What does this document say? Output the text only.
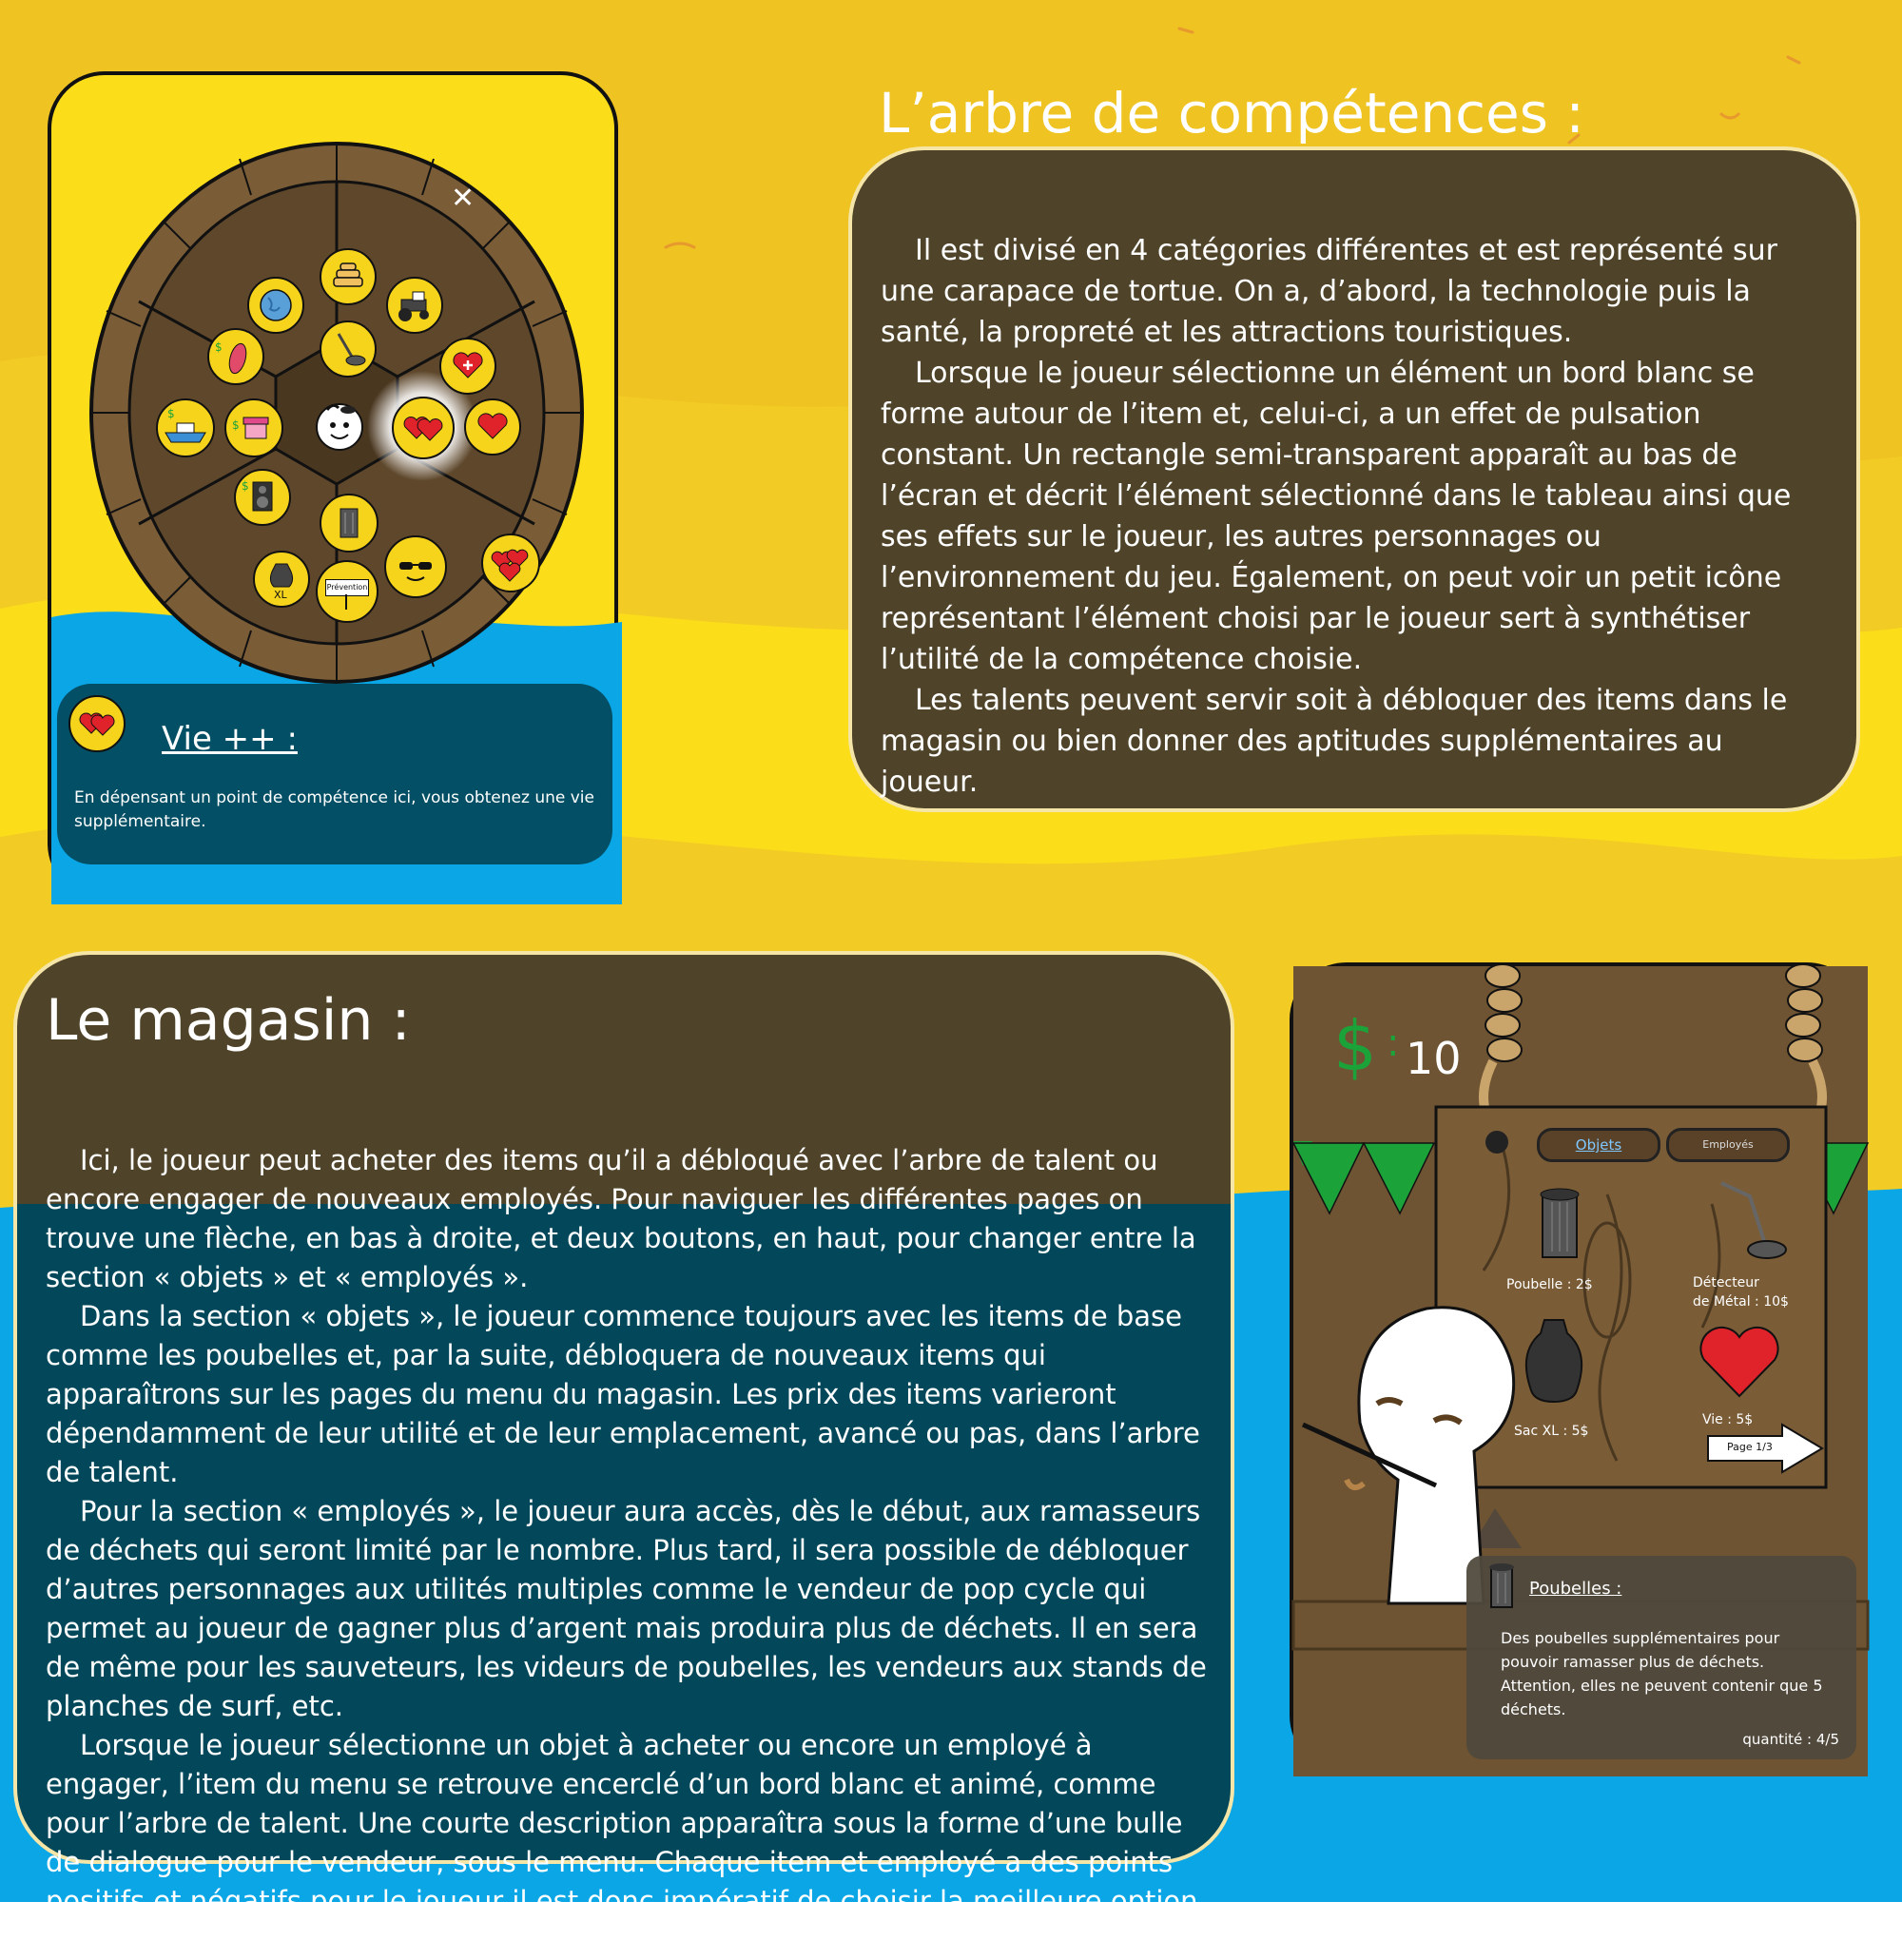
✕
$
$
$
$
XL
Prévention
Vie ++ :
En dépensant un point de compétence ici, vous obtenez une vie supplémentaire.
L’arbre de compétences :

Il est divisé en 4 catégories différentes et est représenté sur une carapace de tortue. On a, d’abord, la technologie puis la santé, la propreté et les attractions touristiques.

Lorsque le joueur sélectionne un élément un bord blanc se forme autour de l’item et, celui-ci, a un effet de pulsation constant. Un rectangle semi-transparent apparaît au bas de l’écran et décrit l’élément sélectionné dans le tableau ainsi que ses effets sur le joueur, les autres personnages ou l’environnement du jeu. Également, on peut voir un petit icône représentant l’élément choisi par le joueur sert à synthétiser l’utilité de la compétence choisie.

Les talents peuvent servir soit à débloquer des items dans le magasin ou bien donner des aptitudes supplémentaires au joueur.

Le magasin :

Ici, le joueur peut acheter des items qu’il a débloqué avec l’arbre de talent ou encore engager de nouveaux employés. Pour naviguer les différentes pages on trouve une flèche, en bas à droite, et deux boutons, en haut, pour changer entre la section « objets » et « employés ».

Dans la section « objets », le joueur commence toujours avec les items de base comme les poubelles et, par la suite, débloquera de nouveaux items qui apparaîtrons sur les pages du menu du magasin. Les prix des items varieront dépendamment de leur utilité et de leur emplacement, avancé ou pas, dans l’arbre de talent.

Pour la section « employés », le joueur aura accès, dès le début, aux ramasseurs de déchets qui seront limité par le nombre. Plus tard, il sera possible de débloquer d’autres personnages aux utilités multiples comme le vendeur de pop cycle qui permet au joueur de gagner plus d’argent mais produira plus de déchets. Il en sera de même pour les sauveteurs, les videurs de poubelles, les vendeurs aux stands de planches de surf, etc.

Lorsque le joueur sélectionne un objet à acheter ou encore un employé à engager, l’item du menu se retrouve encerclé d’un bord blanc et animé, comme pour l’arbre de talent. Une courte description apparaîtra sous la forme d’une bulle de dialogue pour le vendeur, sous le menu. Chaque item et employé a des points positifs et négatifs pour le joueur il est donc impératif de choisir la meilleure option selon la situation de sa plage.

$ : 10
Objets	Employés
Poubelle : 2$	Détecteur
de Métal : 10$
Sac XL : 5$
Vie : 5$
Page 1/3
Poubelles :
Des poubelles supplémentaires pour pouvoir ramasser plus de déchets. Attention, elles ne peuvent contenir que 5 déchets.
quantité : 4/5
